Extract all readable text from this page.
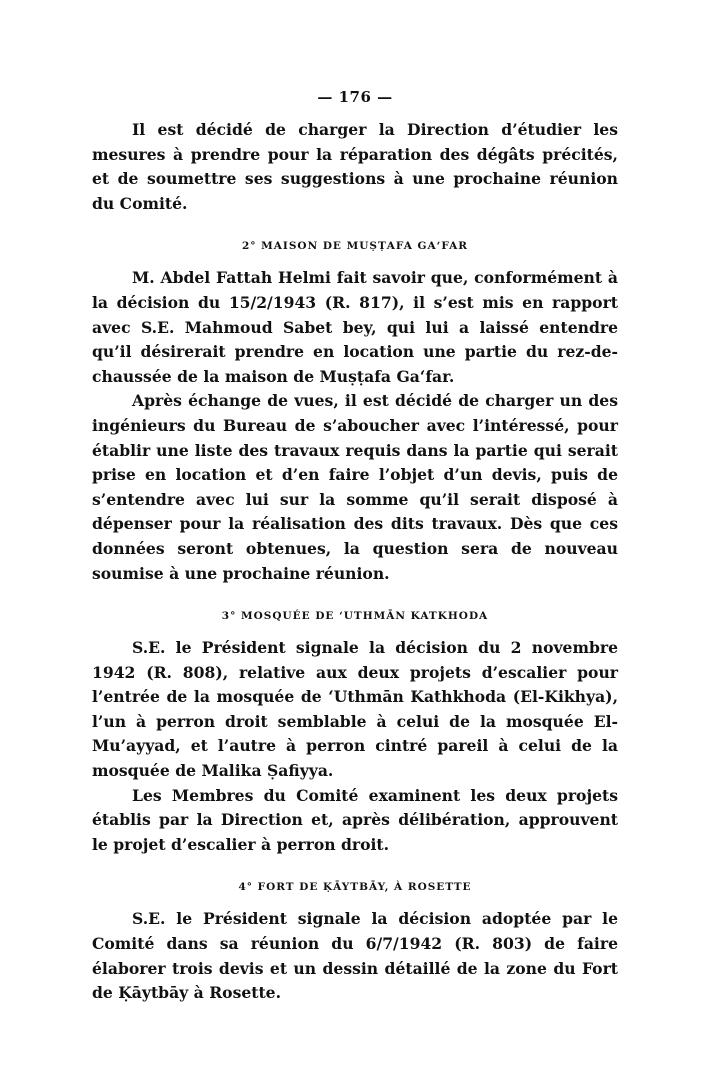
— 176 —

Il est décidé de charger la Direction d’étudier les mesures à prendre pour la réparation des dégâts précités, et de soumettre ses suggestions à une prochaine réunion du Comité.

2° MAISON DE MUṢṬAFA GA‘FAR

M. Abdel Fattah Helmi fait savoir que, conformément à la décision du 15/2/1943 (R. 817), il s’est mis en rapport avec S.E. Mahmoud Sabet bey, qui lui a laissé entendre qu’il désirerait prendre en location une partie du rez-de-chaussée de la maison de Muṣṭafa Ga‘far.

Après échange de vues, il est décidé de charger un des ingénieurs du Bureau de s’aboucher avec l’intéressé, pour établir une liste des travaux requis dans la partie qui serait prise en location et d’en faire l’objet d’un devis, puis de s’entendre avec lui sur la somme qu’il serait disposé à dépenser pour la réalisation des dits travaux. Dès que ces données seront obtenues, la question sera de nouveau soumise à une prochaine réunion.

3° MOSQUÉE DE ‘UTHMĀN KATKHODA

S.E. le Président signale la décision du 2 novembre 1942 (R. 808), relative aux deux projets d’escalier pour l’entrée de la mosquée de ‘Uthmān Kathkhoda (El-Kikhya), l’un à perron droit semblable à celui de la mosquée El-Mu’ayyad, et l’autre à perron cintré pareil à celui de la mosquée de Malika Ṣafiyya.

Les Membres du Comité examinent les deux projets établis par la Direction et, après délibération, approuvent le projet d’escalier à perron droit.

4° FORT DE ḲĀYTBĀY, À ROSETTE

S.E. le Président signale la décision adoptée par le Comité dans sa réunion du 6/7/1942 (R. 803) de faire élaborer trois devis et un dessin détaillé de la zone du Fort de Ḳāytbāy à Rosette.
